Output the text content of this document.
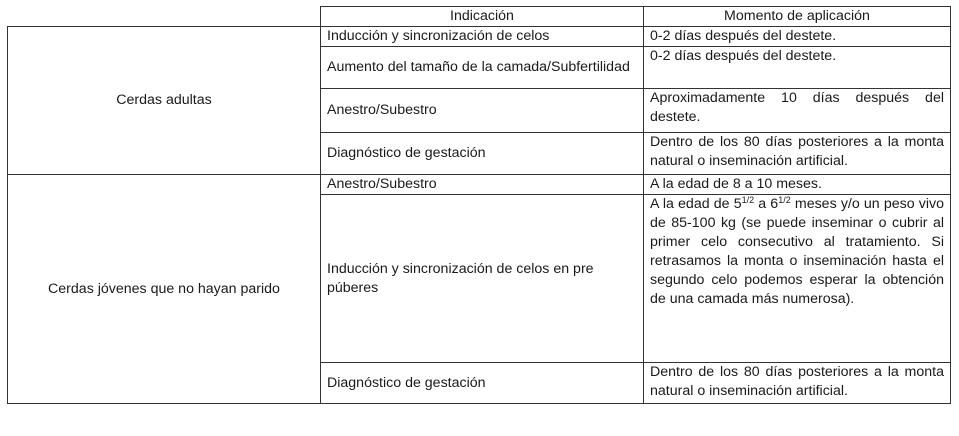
	Indicación	Momento de aplicación
Cerdas adultas	Inducción y sincronización de celos	0-2 días después del destete.
	Aumento del tamaño de la camada/Subfertilidad	0-2 días después del destete.
	Anestro/Subestro	Aproximadamente 10 días después del destete.
	Diagnóstico de gestación	Dentro de los 80 días posteriores a la monta natural o inseminación artificial.
Cerdas jóvenes que no hayan parido	Anestro/Subestro	A la edad de 8 a 10 meses.
	Inducción y sincronización de celos en pre púberes	A la edad de $5^{1/2}$ a $6^{1/2}$ meses y/o un peso vivo de 85-100 kg (se puede inseminar o cubrir al primer celo consecutivo al tratamiento. Si retrasamos la monta o inseminación hasta el segundo celo podemos esperar la obtención de una camada más numerosa).
	Diagnóstico de gestación	Dentro de los 80 días posteriores a la monta natural o inseminación artificial.
